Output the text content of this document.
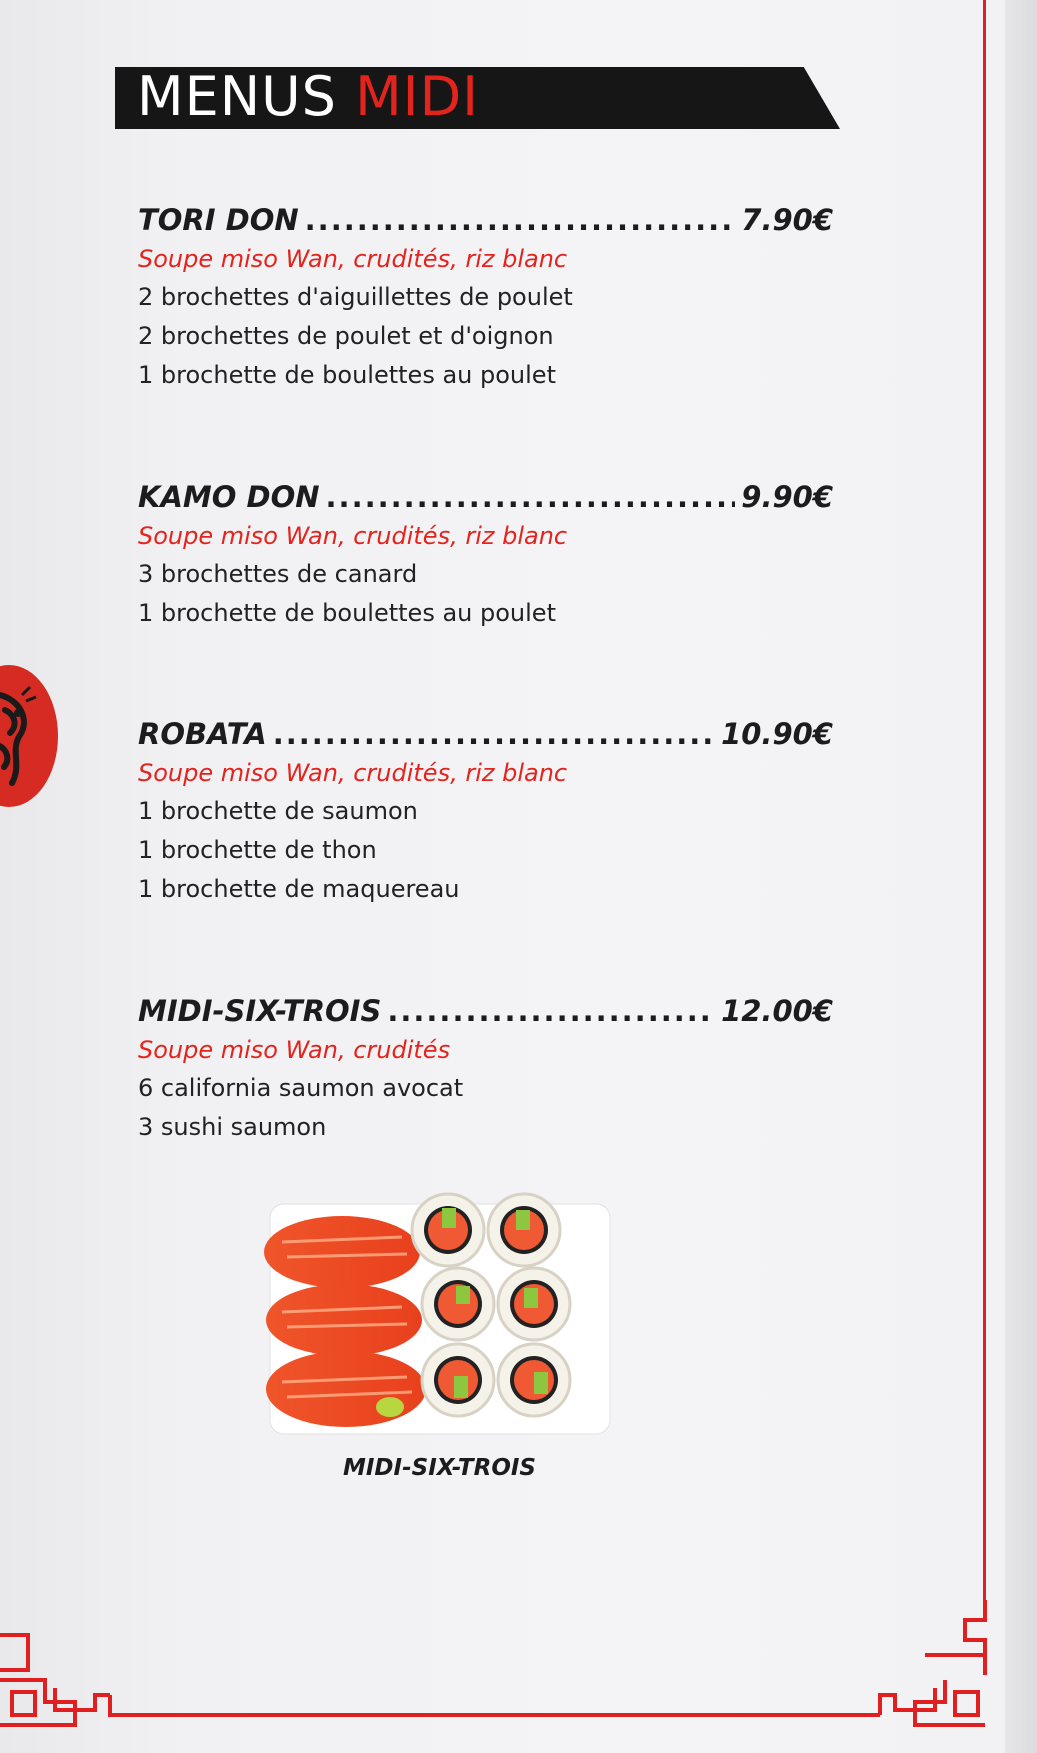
MENUS MIDI
TORI DON .....	7.90€
Soupe miso Wan, crudités, riz blanc
2 brochettes d'aiguillettes de poulet
2 brochettes de poulet et d'oignon
1 brochette de boulettes au poulet
KAMO DON .....	9.90€
Soupe miso Wan, crudités, riz blanc
3 brochettes de canard
1 brochette de boulettes au poulet
ROBATA .....	10.90€
Soupe miso Wan, crudités, riz blanc
1 brochette de saumon
1 brochette de thon
1 brochette de maquereau
MIDI-SIX-TROIS .....	12.00€
Soupe miso Wan, crudités
6 california saumon avocat
3 sushi saumon
MIDI-SIX-TROIS
